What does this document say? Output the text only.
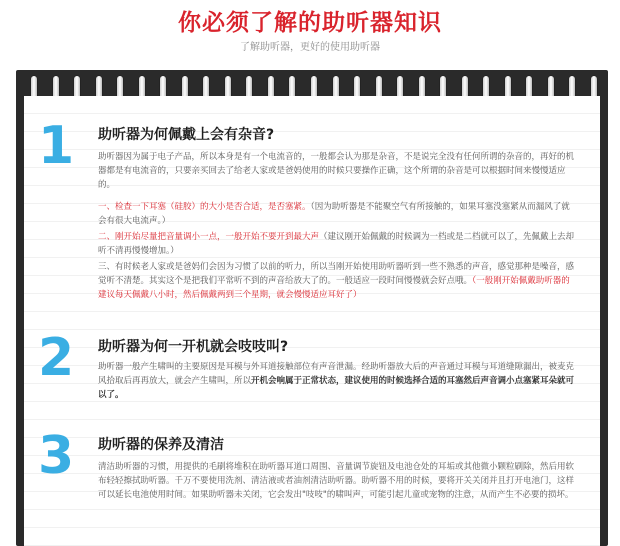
你必须了解的助听器知识
了解助听器，更好的使用助听器
1 助听器为何佩戴上会有杂音?
助听器因为属于电子产品，所以本身是有一个电流音的，一般都会认为那是杂音，不是说完全没有任何所谓的杂音的，再好的机器都是有电流音的，只要亲买回去了给老人家或是爸妈使用的时候只要操作正确，这个所谓的杂音是可以根据时间来慢慢适应的。
一、检查一下耳塞（硅胶）的大小是否合适，是否塞紧。（因为助听器是不能聚空气有所接触的，如果耳塞没塞紧从而漏风了就会有很大电流声。）
二、刚开始尽量把音量调小一点，一般开始不要开到最大声（建议刚开始佩戴的时候调为一档或是二档就可以了，先佩戴上去却听不清再慢慢增加。）
三、有时候老人家或是爸妈们会因为习惯了以前的听力，所以当刚开始使用助听器听到一些不熟悉的声音，感觉那种是噪音，感觉听不清楚。其实这个是把我们平常听不到的声音给放大了的。一般适应一段时间慢慢就会好点哦。（一般刚开始佩戴助听器的建议每天佩戴八小时，然后佩戴两到三个星期，就会慢慢适应耳好了）
2 助听器为何一开机就会吱吱叫?
助听器一般产生啸叫的主要原因是耳模与外耳道接触部位有声音泄漏。经助听器放大后的声音通过耳模与耳道缝隙漏出，被麦克风拾取后再再放大，就会产生啸叫，所以开机会响属于正常状态，建议使用的时候选择合适的耳塞然后声音调小点塞紧耳朵就可以了。
3 助听器的保养及清洁
清洁助听器的习惯，用提供的毛刷将堆积在助听器耳道口周围、音量调节旋钮及电池仓处的耳垢或其他微小颗粒刷除，然后用软布轻轻擦拭助听器。千万不要使用洗剂、清洁液或者油剂清洁助听器。助听器不用的时候，要将开关关闭并且打开电池门，这样可以延长电池使用时间。如果助听器未关闭，它会发出"吱吱"的啸叫声，可能引起儿童或宠物的注意，从而产生不必要的损坏。
